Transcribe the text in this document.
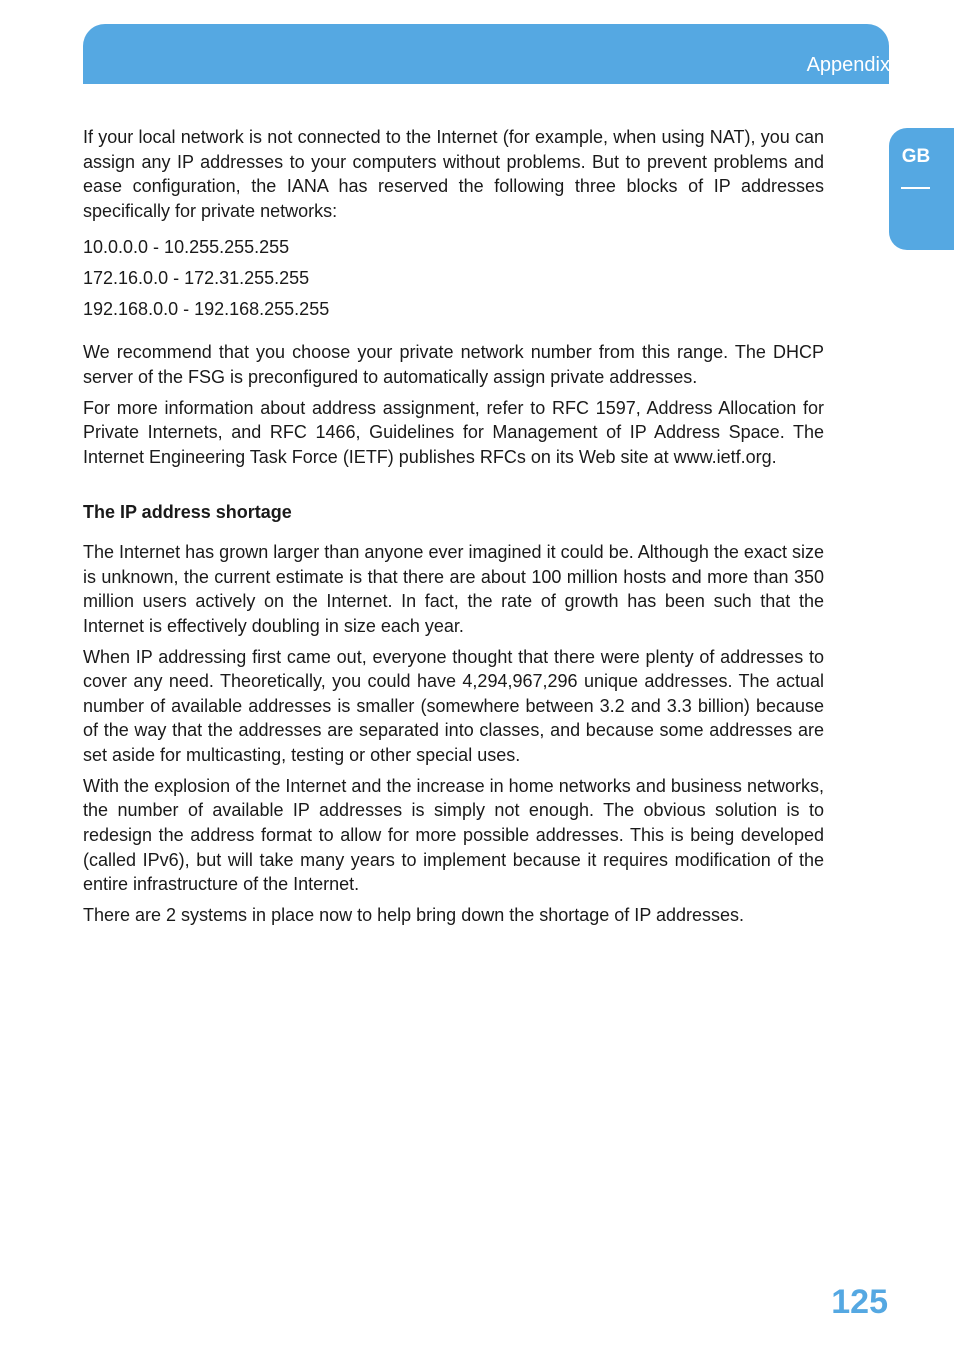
Appendix
GB

If your local network is not connected to the Internet (for example, when using NAT), you can assign any IP addresses to your computers without problems. But to prevent problems and ease configuration, the IANA has reserved the following three blocks of IP addresses specifically for private networks:

10.0.0.0 - 10.255.255.255
172.16.0.0 - 172.31.255.255
192.168.0.0 - 192.168.255.255

We recommend that you choose your private network number from this range. The DHCP server of the FSG is preconfigured to automatically assign private addresses.

For more information about address assignment, refer to RFC 1597, Address Allocation for Private Internets, and RFC 1466, Guidelines for Management of IP Address Space. The Internet Engineering Task Force (IETF) publishes RFCs on its Web site at www.ietf.org.

The IP address shortage

The Internet has grown larger than anyone ever imagined it could be. Although the exact size is unknown, the current estimate is that there are about 100 million hosts and more than 350 million users actively on the Internet. In fact, the rate of growth has been such that the Internet is effectively doubling in size each year.

When IP addressing first came out, everyone thought that there were plenty of addresses to cover any need. Theoretically, you could have 4,294,967,296 unique addresses. The actual number of available addresses is smaller (somewhere between 3.2 and 3.3 billion) because of the way that the addresses are separated into classes, and because some addresses are set aside for multicasting, testing or other special uses.

With the explosion of the Internet and the increase in home networks and business networks, the number of available IP addresses is simply not enough. The obvious solution is to redesign the address format to allow for more possible addresses. This is being developed (called IPv6), but will take many years to implement because it requires modification of the entire infrastructure of the Internet.

There are 2 systems in place now to help bring down the shortage of IP addresses.

125
